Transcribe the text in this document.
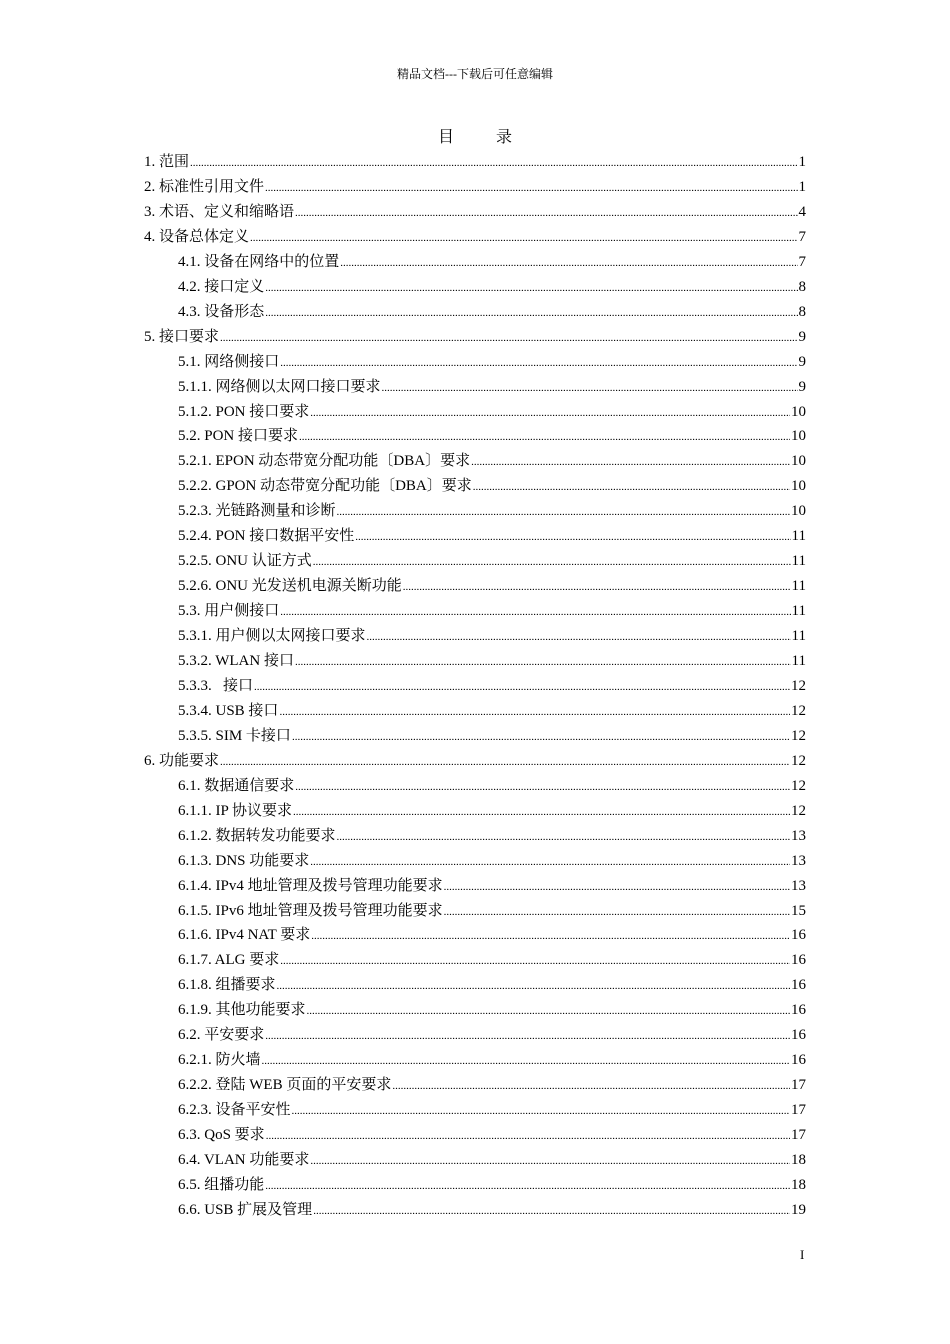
精品文档---下载后可任意编辑
目	录
1. 范围 .....	1
2. 标准性引用文件 .....	1
3. 术语、定义和缩略语 .....	4
4. 设备总体定义 .....	7
4.1. 设备在网络中的位置 .....	7
4.2. 接口定义 .....	8
4.3. 设备形态 .....	8
5. 接口要求 .....	9
5.1. 网络侧接口 .....	9
5.1.1. 网络侧以太网口接口要求 .....	9
5.1.2. PON 接口要求 .....	10
5.2. PON 接口要求 .....	10
5.2.1. EPON 动态带宽分配功能〔DBA〕要求 .....	10
5.2.2. GPON 动态带宽分配功能〔DBA〕要求 .....	10
5.2.3. 光链路测量和诊断 .....	10
5.2.4. PON 接口数据平安性 .....	11
5.2.5. ONU 认证方式 .....	11
5.2.6. ONU 光发送机电源关断功能 .....	11
5.3. 用户侧接口 .....	11
5.3.1. 用户侧以太网接口要求 .....	11
5.3.2. WLAN 接口 .....	11
5.3.3.   接口 .....	12
5.3.4. USB 接口 .....	12
5.3.5. SIM 卡接口 .....	12
6. 功能要求 .....	12
6.1. 数据通信要求 .....	12
6.1.1. IP 协议要求 .....	12
6.1.2. 数据转发功能要求 .....	13
6.1.3. DNS 功能要求 .....	13
6.1.4. IPv4 地址管理及拨号管理功能要求 .....	13
6.1.5. IPv6 地址管理及拨号管理功能要求 .....	15
6.1.6. IPv4 NAT 要求 .....	16
6.1.7. ALG 要求 .....	16
6.1.8. 组播要求 .....	16
6.1.9. 其他功能要求 .....	16
6.2. 平安要求 .....	16
6.2.1. 防火墙 .....	16
6.2.2. 登陆 WEB 页面的平安要求 .....	17
6.2.3. 设备平安性 .....	17
6.3. QoS 要求 .....	17
6.4. VLAN 功能要求 .....	18
6.5. 组播功能 .....	18
6.6. USB 扩展及管理 .....	19
I
